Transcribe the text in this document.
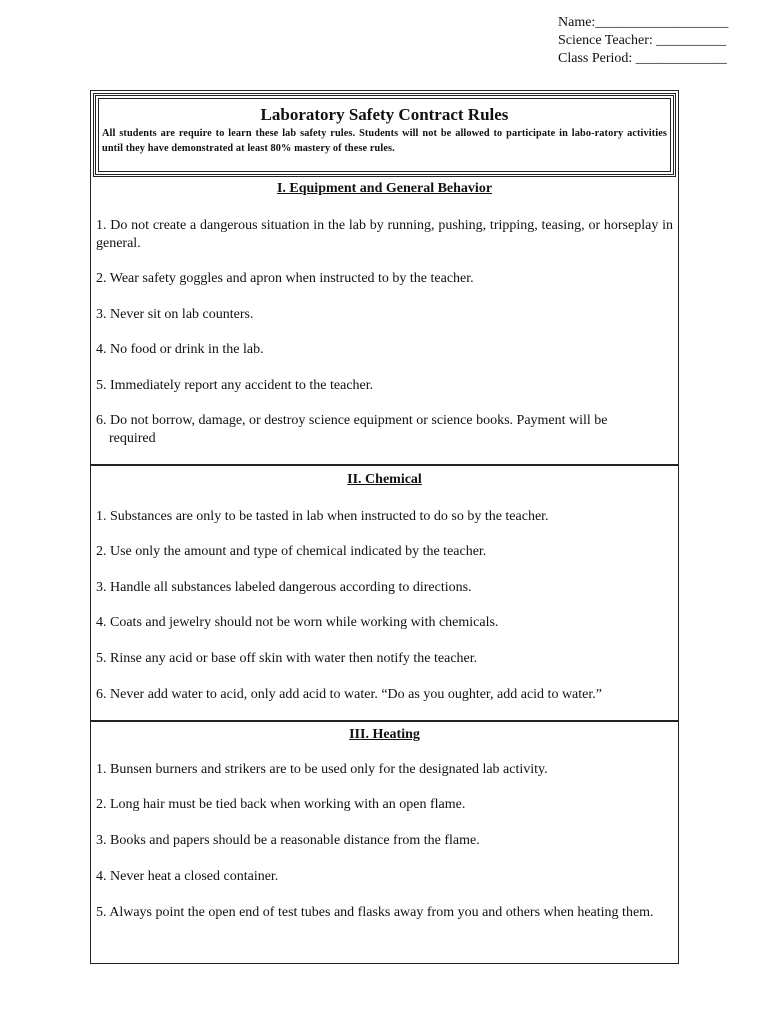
Name:___________________
Science Teacher: __________
Class Period: _____________
Laboratory Safety Contract Rules
All students are require to learn these lab safety rules. Students will not be allowed to participate in labo-ratory activities until they have demonstrated at least 80% mastery of these rules.
I. Equipment and General Behavior
1. Do not create a dangerous situation in the lab by running, pushing, tripping, teasing, or horseplay in general.
2. Wear safety goggles and apron when instructed to by the teacher.
3. Never sit on lab counters.
4. No food or drink in the lab.
5. Immediately report any accident to the teacher.
6. Do not borrow, damage, or destroy science equipment or science books. Payment will be required
II. Chemical
1. Substances are only to be tasted in lab when instructed to do so by the teacher.
2. Use only the amount and type of chemical indicated by the teacher.
3. Handle all substances labeled dangerous according to directions.
4. Coats and jewelry should not be worn while working with chemicals.
5. Rinse any acid or base off skin with water then notify the teacher.
6. Never add water to acid, only add acid to water. “Do as you oughter, add acid to water.”
III. Heating
1. Bunsen burners and strikers are to be used only for the designated lab activity.
2. Long hair must be tied back when working with an open flame.
3. Books and papers should be a reasonable distance from the flame.
4. Never heat a closed container.
5. Always point the open end of test tubes and flasks away from you and others when heating them.
